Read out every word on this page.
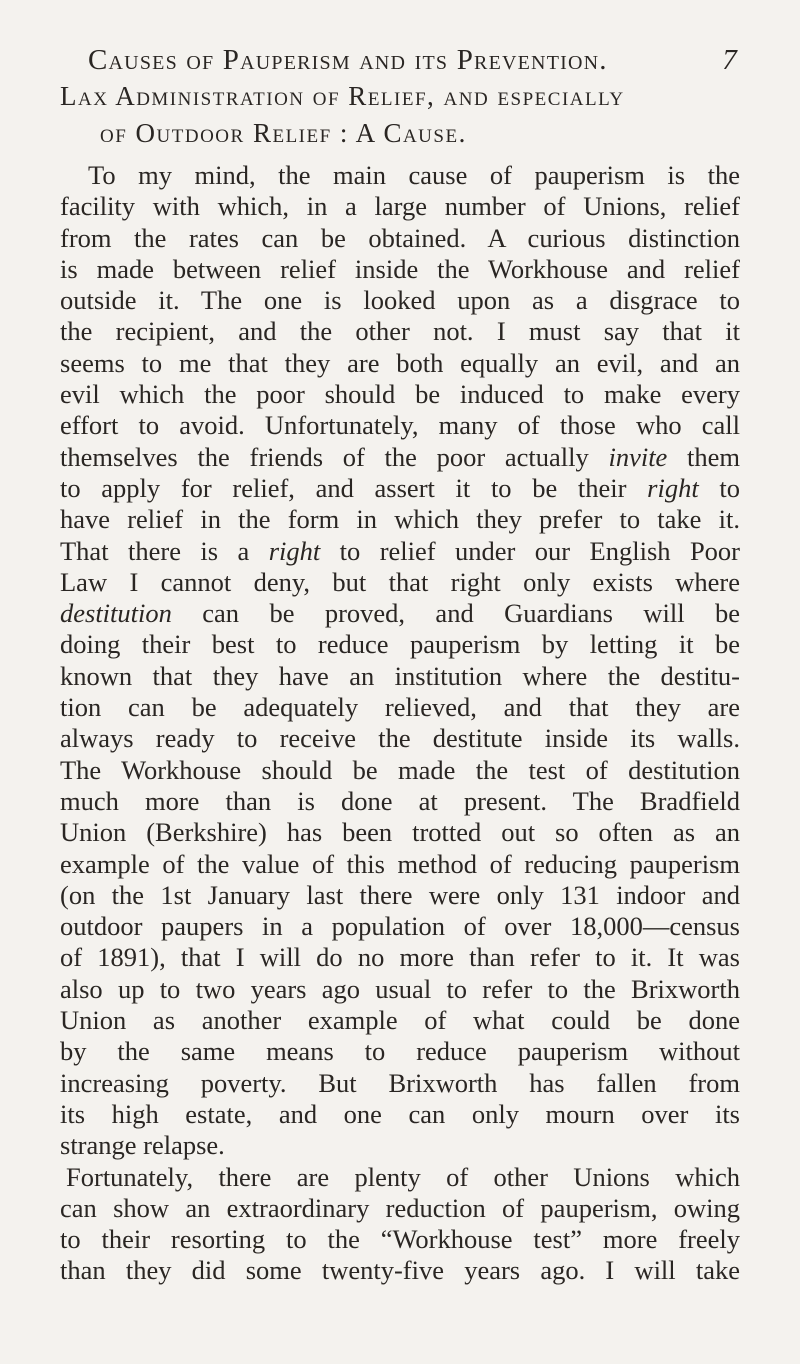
Causes of Pauperism and its Prevention.	7
Lax Administration of Relief, and especially
of Outdoor Relief : A Cause.

To my mind, the main cause of pauperism is the

facility with which, in a large number of Unions, relief

from the rates can be obtained. A curious distinction

is made between relief inside the Workhouse and relief

outside it. The one is looked upon as a disgrace to

the recipient, and the other not. I must say that it

seems to me that they are both equally an evil, and an

evil which the poor should be induced to make every

effort to avoid. Unfortunately, many of those who call

themselves the friends of the poor actually invite them

to apply for relief, and assert it to be their right to

have relief in the form in which they prefer to take it.

That there is a right to relief under our English Poor

Law I cannot deny, but that right only exists where

destitution can be proved, and Guardians will be

doing their best to reduce pauperism by letting it be

known that they have an institution where the destitu-

tion can be adequately relieved, and that they are

always ready to receive the destitute inside its walls.

The Workhouse should be made the test of destitution

much more than is done at present. The Bradfield

Union (Berkshire) has been trotted out so often as an

example of the value of this method of reducing pauperism

(on the 1st January last there were only 131 indoor and

outdoor paupers in a population of over 18,000—census

of 1891), that I will do no more than refer to it. It was

also up to two years ago usual to refer to the Brixworth

Union as another example of what could be done

by the same means to reduce pauperism without

increasing poverty. But Brixworth has fallen from

its high estate, and one can only mourn over its

strange relapse.

Fortunately, there are plenty of other Unions which

can show an extraordinary reduction of pauperism, owing

to their resorting to the “Workhouse test” more freely

than they did some twenty-five years ago. I will take
